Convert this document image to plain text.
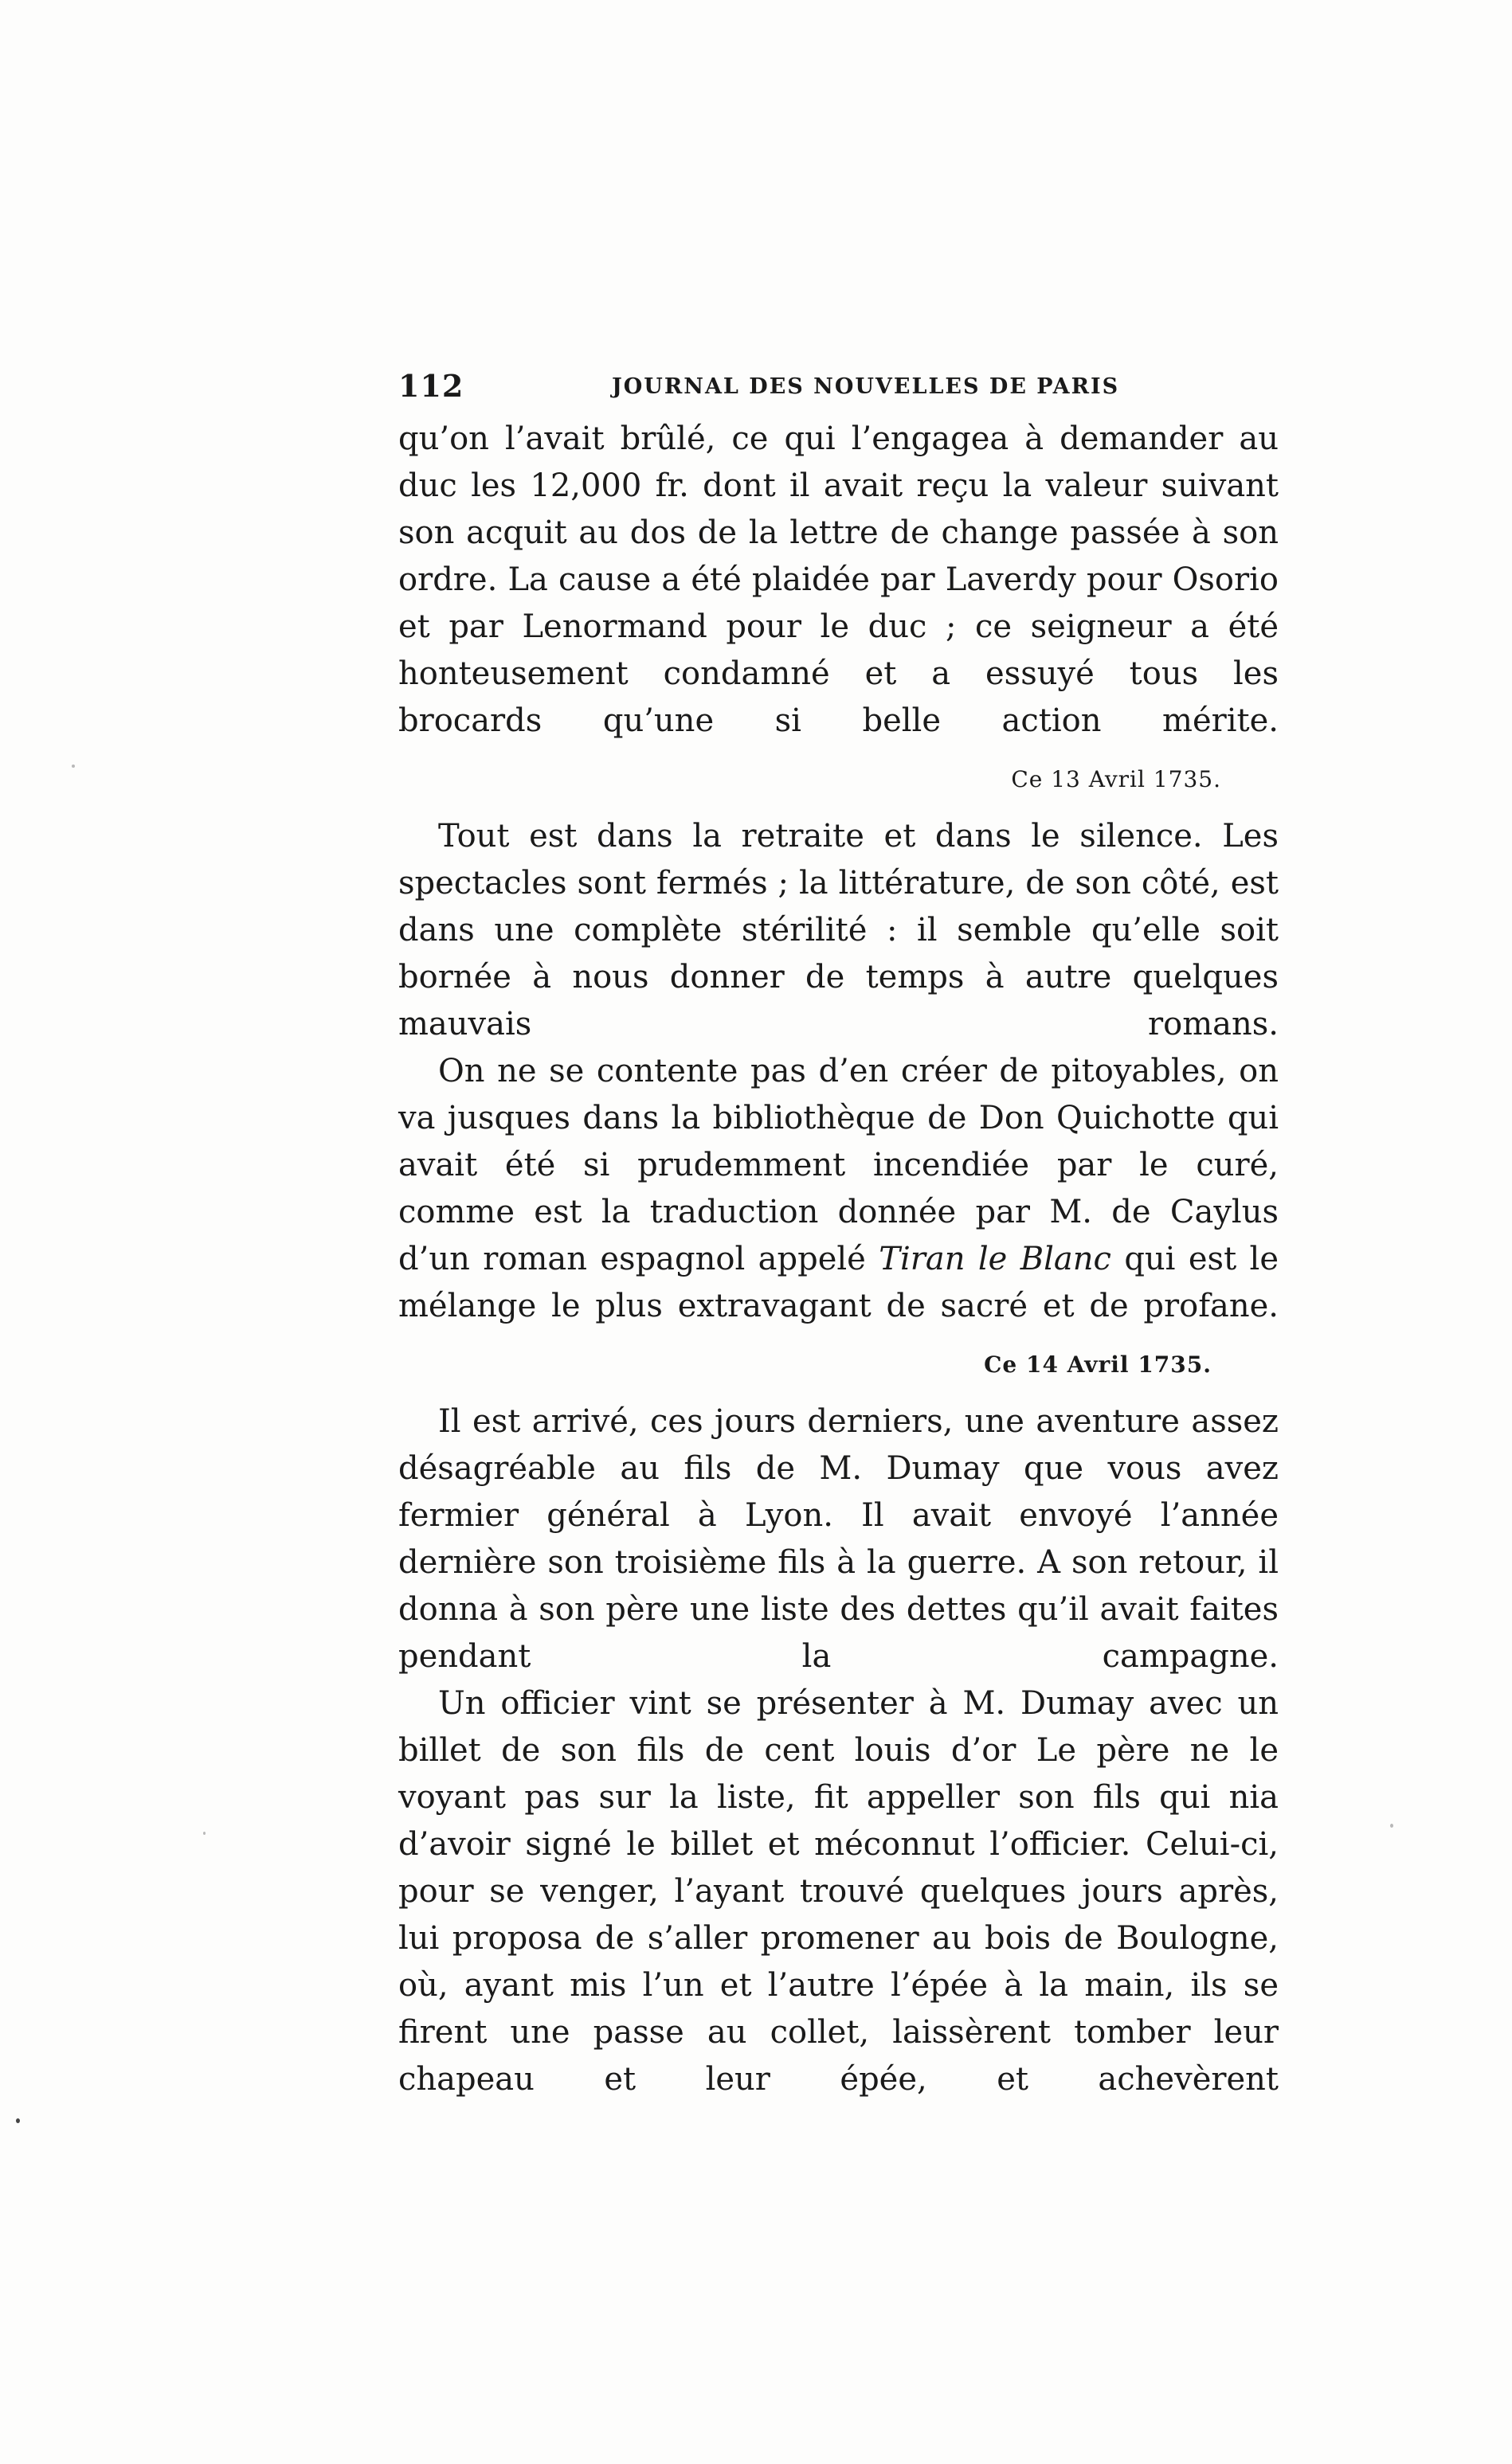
112	JOURNAL DES NOUVELLES DE PARIS

qu’on l’avait brûlé, ce qui l’engagea à demander au duc les 12,000 fr. dont il avait reçu la valeur suivant son acquit au dos de la lettre de change passée à son ordre. La cause a été plaidée par Laverdy pour Osorio et par Lenormand pour le duc ; ce seigneur a été honteusement condamné et a essuyé tous les brocards qu’une si belle action mérite.

Ce 13 Avril 1735.

Tout est dans la retraite et dans le silence. Les spectacles sont fermés ; la littérature, de son côté, est dans une complète stérilité : il semble qu’elle soit bornée à nous donner de temps à autre quelques mauvais romans.

On ne se contente pas d’en créer de pitoyables, on va jusques dans la bibliothèque de Don Quichotte qui avait été si prudemment incendiée par le curé, comme est la traduction donnée par M. de Caylus d’un roman espagnol appelé Tiran le Blanc qui est le mélange le plus extravagant de sacré et de profane.

Ce 14 Avril 1735.

Il est arrivé, ces jours derniers, une aventure assez désagréable au fils de M. Dumay que vous avez fermier général à Lyon. Il avait envoyé l’année dernière son troisième fils à la guerre. A son retour, il donna à son père une liste des dettes qu’il avait faites pendant la campagne.

Un officier vint se présenter à M. Dumay avec un billet de son fils de cent louis d’or Le père ne le voyant pas sur la liste, fit appeller son fils qui nia d’avoir signé le billet et méconnut l’officier. Celui-ci, pour se venger, l’ayant trouvé quelques jours après, lui proposa de s’aller promener au bois de Boulogne, où, ayant mis l’un et l’autre l’épée à la main, ils se firent une passe au collet, laissèrent tomber leur chapeau et leur épée, et achevèrent
